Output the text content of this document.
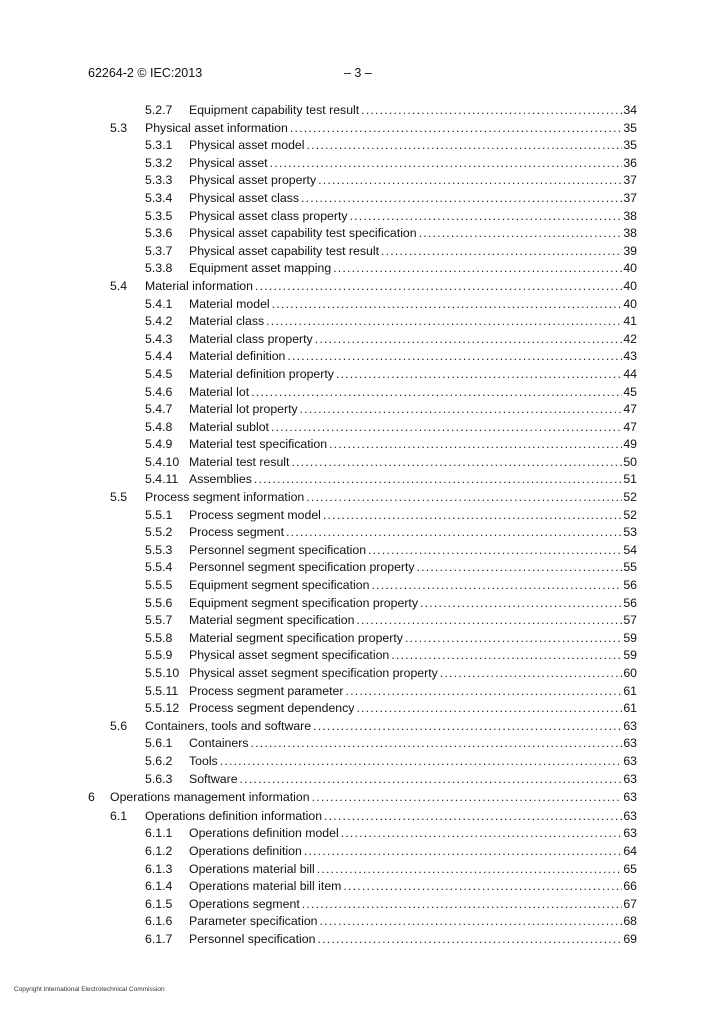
62264-2 © IEC:2013	– 3 –
5.2.7 Equipment capability test result .....	34
5.3 Physical asset information .....	35
5.3.1 Physical asset model .....	35
5.3.2 Physical asset .....	36
5.3.3 Physical asset property .....	37
5.3.4 Physical asset class .....	37
5.3.5 Physical asset class property .....	38
5.3.6 Physical asset capability test specification .....	38
5.3.7 Physical asset capability test result .....	39
5.3.8 Equipment asset mapping .....	40
5.4 Material information .....	40
5.4.1 Material model .....	40
5.4.2 Material class .....	41
5.4.3 Material class property .....	42
5.4.4 Material definition .....	43
5.4.5 Material definition property .....	44
5.4.6 Material lot .....	45
5.4.7 Material lot property .....	47
5.4.8 Material sublot .....	47
5.4.9 Material test specification .....	49
5.4.10 Material test result .....	50
5.4.11 Assemblies .....	51
5.5 Process segment information .....	52
5.5.1 Process segment model .....	52
5.5.2 Process segment .....	53
5.5.3 Personnel segment specification .....	54
5.5.4 Personnel segment specification property .....	55
5.5.5 Equipment segment specification .....	56
5.5.6 Equipment segment specification property .....	56
5.5.7 Material segment specification .....	57
5.5.8 Material segment specification property .....	59
5.5.9 Physical asset segment specification .....	59
5.5.10 Physical asset segment specification property .....	60
5.5.11 Process segment parameter .....	61
5.5.12 Process segment dependency .....	61
5.6 Containers, tools and software .....	63
5.6.1 Containers .....	63
5.6.2 Tools .....	63
5.6.3 Software .....	63
6 Operations management information .....	63
6.1 Operations definition information .....	63
6.1.1 Operations definition model .....	63
6.1.2 Operations definition .....	64
6.1.3 Operations material bill .....	65
6.1.4 Operations material bill item .....	66
6.1.5 Operations segment .....	67
6.1.6 Parameter specification .....	68
6.1.7 Personnel specification .....	69
Copyright International Electrotechnical Commission
